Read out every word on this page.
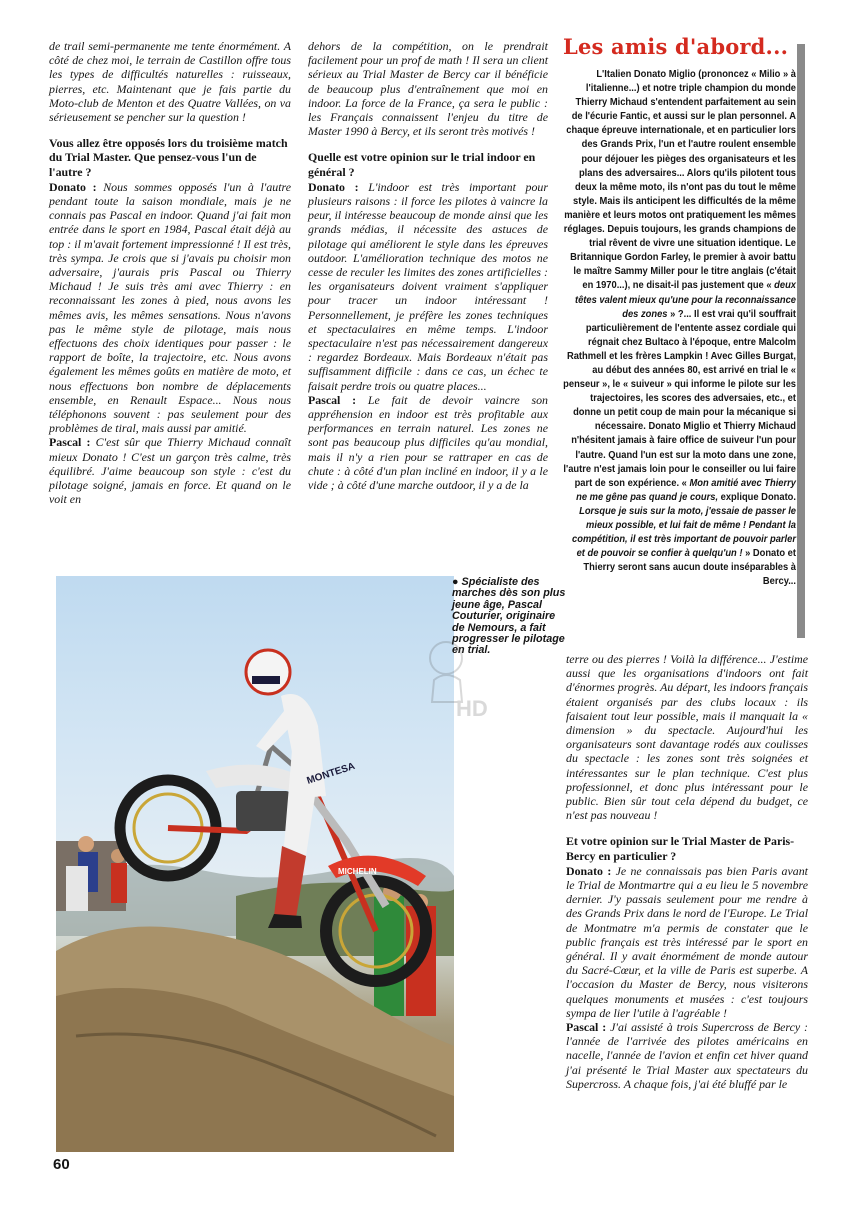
de trail semi-permanente me tente énormément. A côté de chez moi, le terrain de Castillon offre tous les types de difficultés naturelles : ruisseaux, pierres, etc. Maintenant que je fais partie du Moto-club de Menton et des Quatre Vallées, on va sérieusement se pencher sur la question !

Vous allez être opposés lors du troisième match du Trial Master. Que pensez-vous l'un de l'autre ?

Donato : Nous sommes opposés l'un à l'autre pendant toute la saison mondiale, mais je ne connais pas Pascal en indoor. Quand j'ai fait mon entrée dans le sport en 1984, Pascal était déjà au top : il m'avait fortement impressionné ! Il est très, très sympa. Je crois que si j'avais pu choisir mon adversaire, j'aurais pris Pascal ou Thierry Michaud ! Je suis très ami avec Thierry : en reconnaissant les zones à pied, nous avons les mêmes avis, les mêmes sensations. Nous n'avons pas le même style de pilotage, mais nous effectuons des choix identiques pour passer : le rapport de boîte, la trajectoire, etc. Nous avons également les mêmes goûts en matière de moto, et nous effectuons bon nombre de déplacements ensemble, en Renault Espace... Nous nous téléphonons souvent : pas seulement pour des problèmes de tiral, mais aussi par amitié.

Pascal : C'est sûr que Thierry Michaud connaît mieux Donato ! C'est un garçon très calme, très équilibré. J'aime beaucoup son style : c'est du pilotage soigné, jamais en force. Et quand on le voit en

dehors de la compétition, on le prendrait facilement pour un prof de math ! Il sera un client sérieux au Trial Master de Bercy car il bénéficie de beaucoup plus d'entraînement que moi en indoor. La force de la France, ça sera le public : les Français connaissent l'enjeu du titre de Master 1990 à Bercy, et ils seront très motivés !

Quelle est votre opinion sur le trial indoor en général ?

Donato : L'indoor est très important pour plusieurs raisons : il force les pilotes à vaincre la peur, il intéresse beaucoup de monde ainsi que les grands médias, il nécessite des astuces de pilotage qui améliorent le style dans les épreuves outdoor. L'amélioration technique des motos ne cesse de reculer les limites des zones artificielles : les organisateurs doivent vraiment s'appliquer pour tracer un indoor intéressant ! Personnellement, je préfère les zones techniques et spectaculaires en même temps. L'indoor spectaculaire n'est pas nécessairement dangereux : regardez Bordeaux. Mais Bordeaux n'était pas suffisamment difficile : dans ce cas, un échec te faisait perdre trois ou quatre places...

Pascal : Le fait de devoir vaincre son appréhension en indoor est très profitable aux performances en terrain naturel. Les zones ne sont pas beaucoup plus difficiles qu'au mondial, mais il n'y a rien pour se rattraper en cas de chute : à côté d'un plan incliné en indoor, il y a le vide ; à côté d'une marche outdoor, il y a de la

Les amis d'abord...
L'Italien Donato Miglio (prononcez « Milio » à l'italienne...) et notre triple champion du monde Thierry Michaud s'entendent parfaitement au sein de l'écurie Fantic, et aussi sur le plan personnel. A chaque épreuve internationale, et en particulier lors des Grands Prix, l'un et l'autre roulent ensemble pour déjouer les pièges des organisateurs et les plans des adversaires... Alors qu'ils pilotent tous deux la même moto, ils n'ont pas du tout le même style. Mais ils anticipent les difficultés de la même manière et leurs motos ont pratiquement les mêmes réglages. Depuis toujours, les grands champions de trial rêvent de vivre une situation identique. Le Britannique Gordon Farley, le premier à avoir battu le maître Sammy Miller pour le titre anglais (c'était en 1970...), ne disait-il pas justement que « deux têtes valent mieux qu'une pour la reconnaissance des zones » ?... Il est vrai qu'il souffrait particulièrement de l'entente assez cordiale qui régnait chez Bultaco à l'époque, entre Malcolm Rathmell et les frères Lampkin ! Avec Gilles Burgat, au début des années 80, est arrivé en trial le « penseur », le « suiveur » qui informe le pilote sur les trajectoires, les scores des adversaies, etc., et donne un petit coup de main pour la mécanique si nécessaire. Donato Miglio et Thierry Michaud n'hésitent jamais à faire office de suiveur l'un pour l'autre. Quand l'un est sur la moto dans une zone, l'autre n'est jamais loin pour le conseiller ou lui faire part de son expérience. « Mon amitié avec Thierry ne me gêne pas quand je cours, explique Donato. Lorsque je suis sur la moto, j'essaie de passer le mieux possible, et lui fait de même ! Pendant la compétition, il est très important de pouvoir parler et de pouvoir se confier à quelqu'un ! » Donato et Thierry seront sans aucun doute inséparables à Bercy...
MICHELIN
MONTESA
● Spécialiste des marches dès son plus jeune âge, Pascal Couturier, originaire de Nemours, a fait progresser le pilotage en trial.
HD

terre ou des pierres ! Voilà la différence... J'estime aussi que les organisations d'indoors ont fait d'énormes progrès. Au départ, les indoors français étaient organisés par des clubs locaux : ils faisaient tout leur possible, mais il manquait la « dimension » du spectacle. Aujourd'hui les organisateurs sont davantage rodés aux coulisses du spectacle : les zones sont très soignées et intéressantes sur le plan technique. C'est plus professionnel, et donc plus intéressant pour le public. Bien sûr tout cela dépend du budget, ce n'est pas nouveau !

Et votre opinion sur le Trial Master de Paris-Bercy en particulier ?

Donato : Je ne connaissais pas bien Paris avant le Trial de Montmartre qui a eu lieu le 5 novembre dernier. J'y passais seulement pour me rendre à des Grands Prix dans le nord de l'Europe. Le Trial de Montmatre m'a permis de constater que le public français est très intéressé par le sport en général. Il y avait énormément de monde autour du Sacré-Cœur, et la ville de Paris est superbe. A l'occasion du Master de Bercy, nous visiterons quelques monuments et musées : c'est toujours sympa de lier l'utile à l'agréable !

Pascal : J'ai assisté à trois Supercross de Bercy : l'année de l'arrivée des pilotes américains en nacelle, l'année de l'avion et enfin cet hiver quand j'ai présenté le Trial Master aux spectateurs du Supercross. A chaque fois, j'ai été bluffé par le

60
